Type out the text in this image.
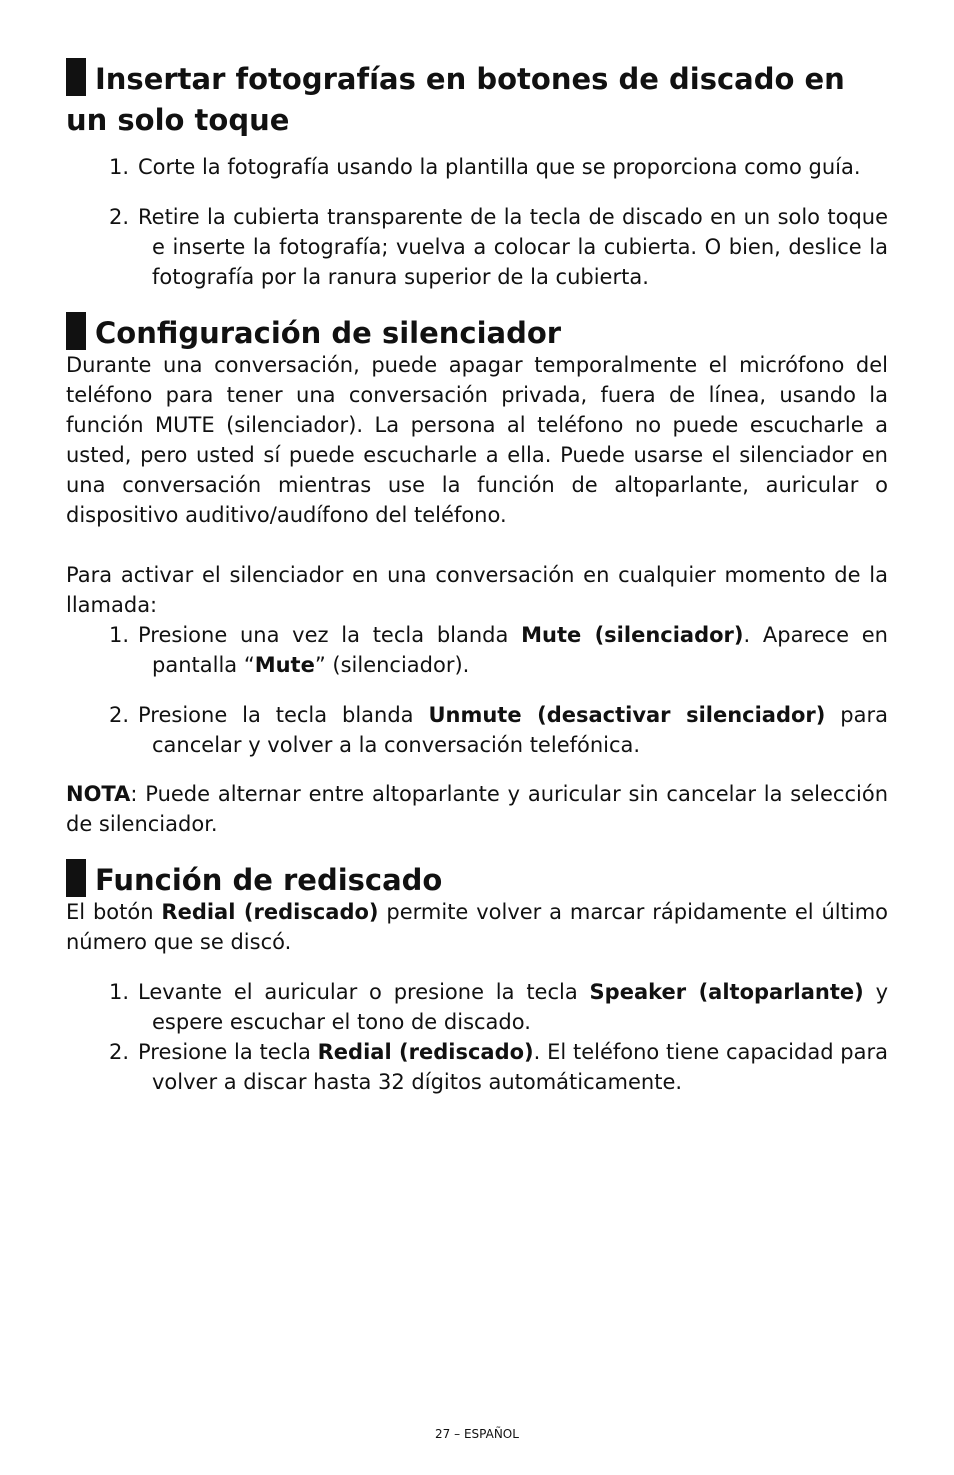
Insertar fotografías en botones de discado en un solo toque
1. Corte la fotografía usando la plantilla que se proporciona como guía.
2. Retire la cubierta transparente de la tecla de discado en un solo toque e inserte la fotografía; vuelva a colocar la cubierta. O bien, deslice la fotografía por la ranura superior de la cubierta.
Configuración de silenciador

Durante una conversación, puede apagar temporalmente el micrófono del teléfono para tener una conversación privada, fuera de línea, usando la función MUTE (silenciador). La persona al teléfono no puede escucharle a usted, pero usted sí puede escucharle a ella. Puede usarse el silenciador en una conversación mientras use la función de altoparlante, auricular o dispositivo auditivo/audífono del teléfono.

Para activar el silenciador en una conversación en cualquier momento de la llamada:

1. Presione una vez la tecla blanda Mute (silenciador). Aparece en pantalla “Mute” (silenciador).
2. Presione la tecla blanda Unmute (desactivar silenciador) para cancelar y volver a la conversación telefónica.

NOTA: Puede alternar entre altoparlante y auricular sin cancelar la selección de silenciador.

Función de rediscado

El botón Redial (rediscado) permite volver a marcar rápidamente el último número que se discó.

1. Levante el auricular o presione la tecla Speaker (altoparlante) y espere escuchar el tono de discado.
2. Presione la tecla Redial (rediscado). El teléfono tiene capacidad para volver a discar hasta 32 dígitos automáticamente.
27 – ESPAÑOL
